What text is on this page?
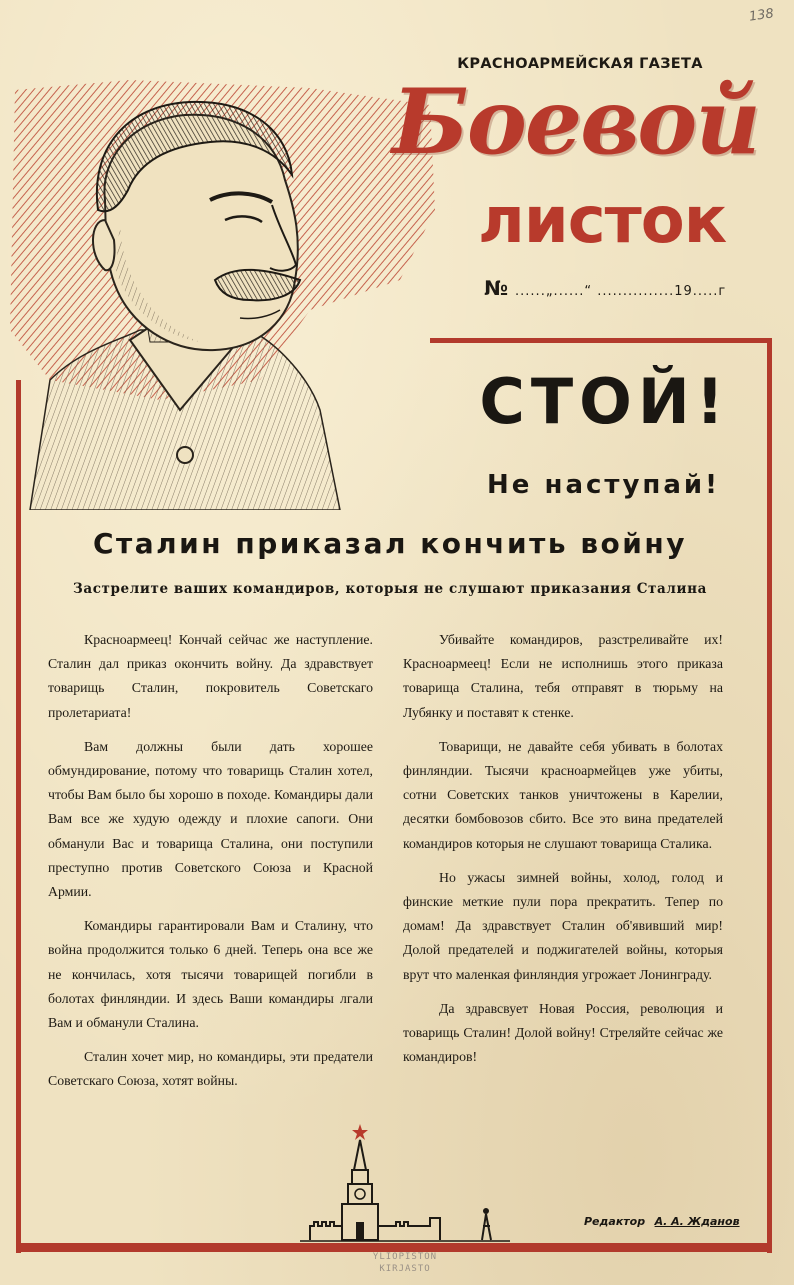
138
КРАСНОАРМЕЙСКАЯ ГАЗЕТА
Боевой
листок
№ ......„......“ ...............19.....г
СТОЙ!
Не наступай!
Сталин приказал кончить войну
Застрелите ваших командиров, которыя не слушают приказания Сталина

Красноармеец! Кончай сейчас же наступление. Сталин дал приказ окончить войну. Да здравствует товарищь Сталин, покровитель Советскаго пролетариата!

Вам должны были дать хорошее обмундирование, потому что товарищь Сталин хотел, чтобы Вам было бы хорошо в походе. Командиры дали Вам все же худую одежду и плохие сапоги. Они обманули Вас и товарища Сталина, они поступили преступно против Советского Союза и Красной Армии.

Командиры гарантировали Вам и Сталину, что война продолжится только 6 дней. Теперь она все же не кончилась, хотя тысячи товарищей погибли в болотах финляндии. И здесь Ваши командиры лгали Вам и обманули Сталина.

Сталин хочет мир, но командиры, эти предатели Советскаго Союза, хотят войны.

Убивайте командиров, разстреливайте их! Красноармеец! Если не исполнишь этого приказа товарища Сталина, тебя отправят в тюрьму на Лубянку и поставят к стенке.

Товарищи, не давайте себя убивать в болотах финляндии. Тысячи красноармейцев уже убиты, сотни Советских танков уничтожены в Карелии, десятки бомбовозов сбито. Все это вина предателей командиров которыя не слушают товарища Сталика.

Но ужасы зимней войны, холод, голод и финские меткие пули пора прекратить. Тепер по домам! Да здравствует Сталин об'явивший мир! Долой предателей и поджигателей войны, которыя врут что маленкая финляндия угрожает Лонинграду.

Да здравсвует Новая Россия, революция и товарищь Сталин! Долой войну! Стреляйте сейчас же командиров!

Редактор А. А. Жданов
YLIOPISTON
KIRJASTO
